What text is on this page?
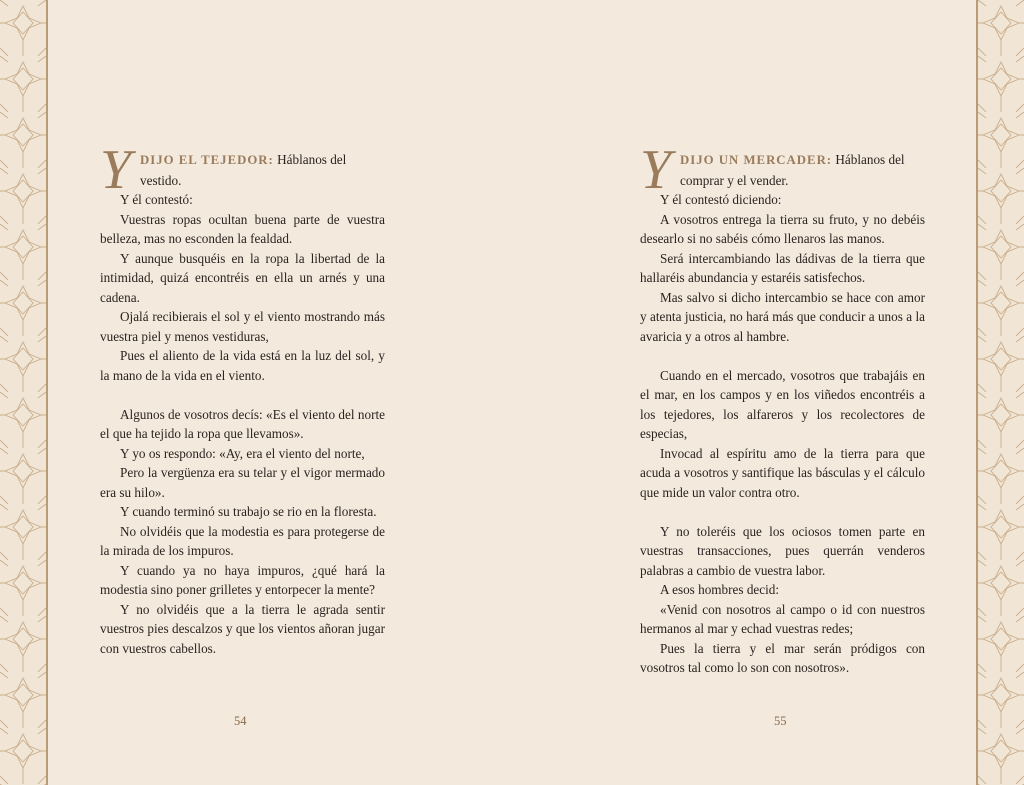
Y DIJO EL TEJEDOR: Háblanos del vestido.

Y él contestó:

Vuestras ropas ocultan buena parte de vuestra belleza, mas no esconden la fealdad.

Y aunque busquéis en la ropa la libertad de la intimidad, quizá encontréis en ella un arnés y una cadena.

Ojalá recibierais el sol y el viento mostrando más vuestra piel y menos vestiduras,

Pues el aliento de la vida está en la luz del sol, y la mano de la vida en el viento.

Algunos de vosotros decís: «Es el viento del norte el que ha tejido la ropa que llevamos».

Y yo os respondo: «Ay, era el viento del norte,

Pero la vergüenza era su telar y el vigor mermado era su hilo».

Y cuando terminó su trabajo se rio en la floresta.

No olvidéis que la modestia es para protegerse de la mirada de los impuros.

Y cuando ya no haya impuros, ¿qué hará la modestia sino poner grilletes y entorpecer la mente?

Y no olvidéis que a la tierra le agrada sentir vuestros pies descalzos y que los vientos añoran jugar con vuestros cabellos.

54
Y DIJO UN MERCADER: Háblanos del comprar y el vender.

Y él contestó diciendo:

A vosotros entrega la tierra su fruto, y no debéis desearlo si no sabéis cómo llenaros las manos.

Será intercambiando las dádivas de la tierra que hallaréis abundancia y estaréis satisfechos.

Mas salvo si dicho intercambio se hace con amor y atenta justicia, no hará más que conducir a unos a la avaricia y a otros al hambre.

Cuando en el mercado, vosotros que trabajáis en el mar, en los campos y en los viñedos encontréis a los tejedores, los alfareros y los recolectores de especias,

Invocad al espíritu amo de la tierra para que acuda a vosotros y santifique las básculas y el cálculo que mide un valor contra otro.

Y no toleréis que los ociosos tomen parte en vuestras transacciones, pues querrán venderos palabras a cambio de vuestra labor.

A esos hombres decid:

«Venid con nosotros al campo o id con nuestros hermanos al mar y echad vuestras redes;

Pues la tierra y el mar serán pródigos con vosotros tal como lo son con nosotros».

55
